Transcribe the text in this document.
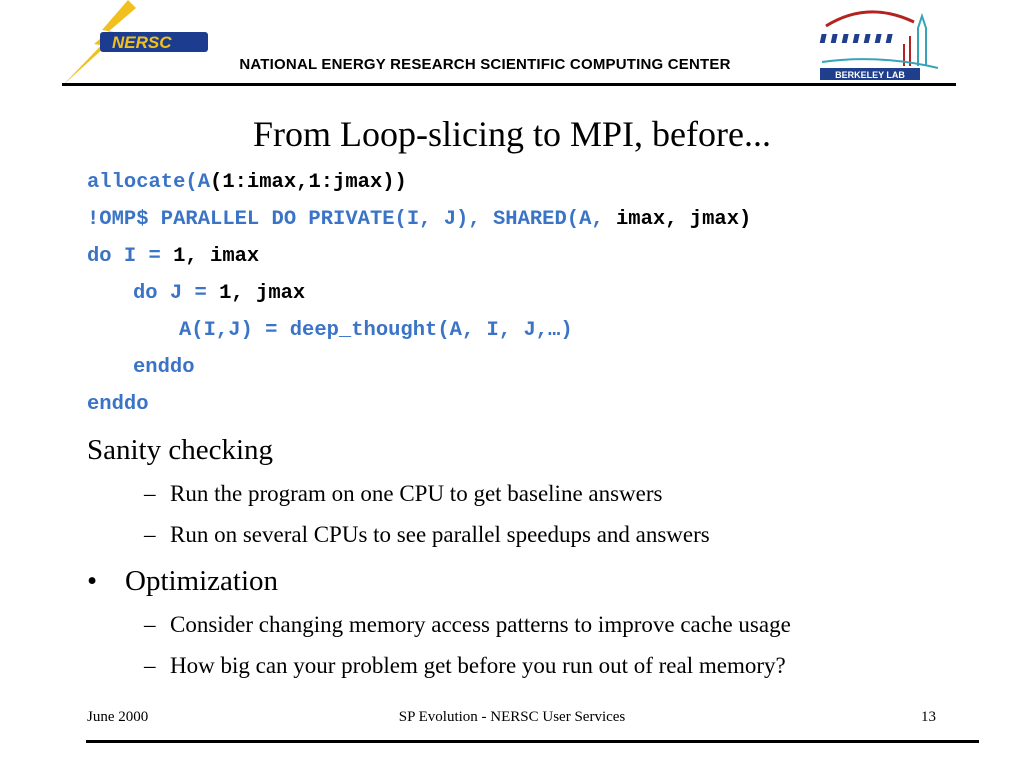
NERSC
BERKELEY LAB
NATIONAL ENERGY RESEARCH SCIENTIFIC COMPUTING CENTER
From Loop-slicing to MPI, before...
allocate(A(1:imax,1:jmax))
!OMP$ PARALLEL DO PRIVATE(I, J), SHARED(A, imax, jmax)
do I = 1, imax
do J = 1, jmax
A(I,J) = deep_thought(A, I, J,…)
enddo
enddo
Sanity checking
– Run the program on one CPU to get baseline answers
– Run on several CPUs to see parallel speedups and answers
• Optimization
– Consider changing memory access patterns to improve cache usage
– How big can your problem get before you run out of real memory?
June 2000	SP Evolution - NERSC User Services	13
